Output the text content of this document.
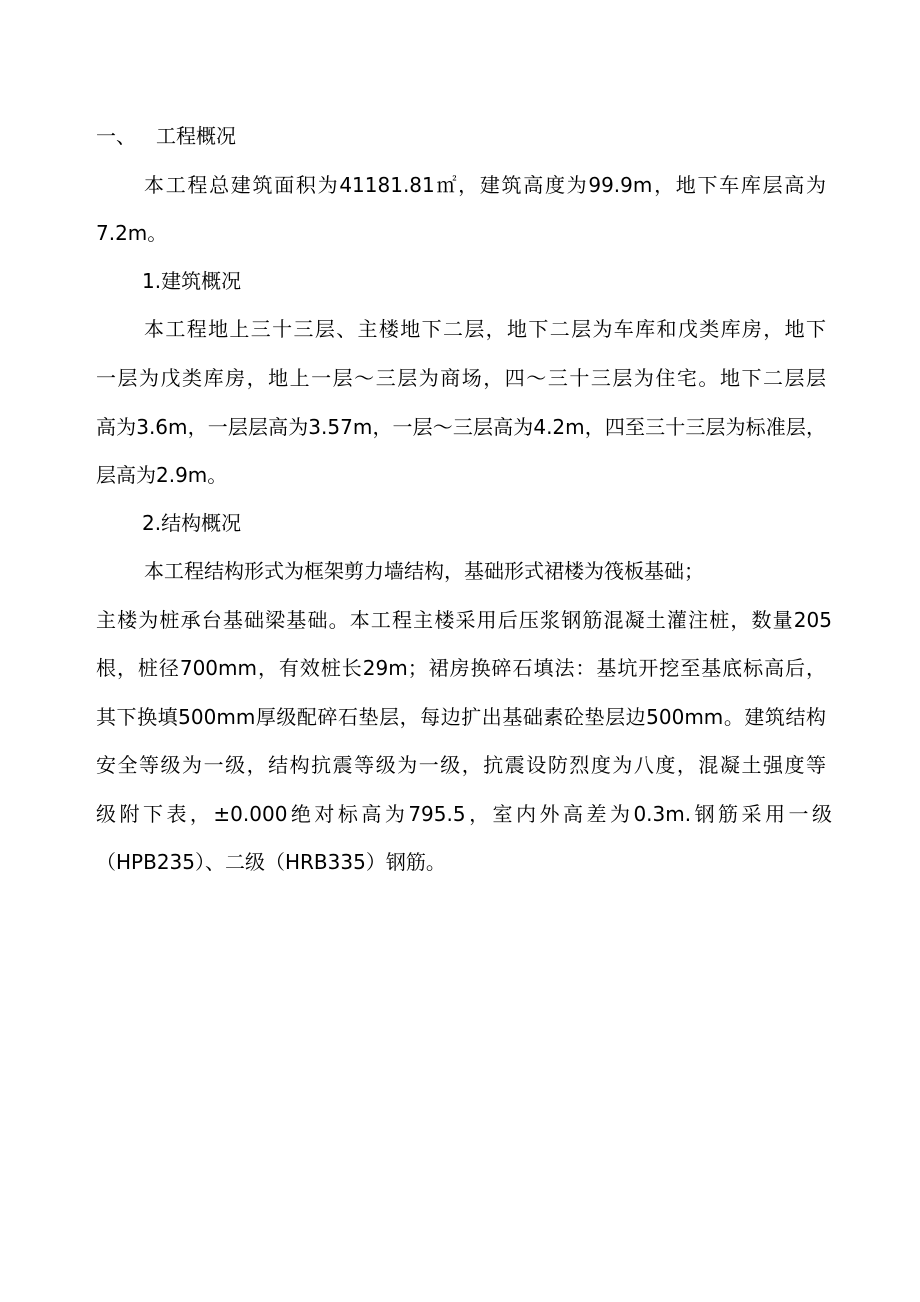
一、 工程概况
本工程总建筑面积为41181.81㎡，建筑高度为99.9m，地下车库层高为
7.2m。
1.建筑概况
本工程地上三十三层、主楼地下二层，地下二层为车库和戊类库房，地下
一层为戊类库房，地上一层～三层为商场，四～三十三层为住宅。地下二层层
高为3.6m，一层层高为3.57m，一层～三层高为4.2m，四至三十三层为标准层，
层高为2.9m。
2.结构概况
本工程结构形式为框架剪力墙结构，基础形式裙楼为筏板基础；
主楼为桩承台基础梁基础。本工程主楼采用后压浆钢筋混凝土灌注桩，数量205
根，桩径700mm，有效桩长29m；裙房换碎石填法：基坑开挖至基底标高后，
其下换填500mm厚级配碎石垫层，每边扩出基础素砼垫层边500mm。建筑结构
安全等级为一级，结构抗震等级为一级，抗震设防烈度为八度，混凝土强度等
级附下表，±0.000绝对标高为795.5，室内外高差为0.3m.钢筋采用一级
（HPB235）、二级（HRB335）钢筋。
